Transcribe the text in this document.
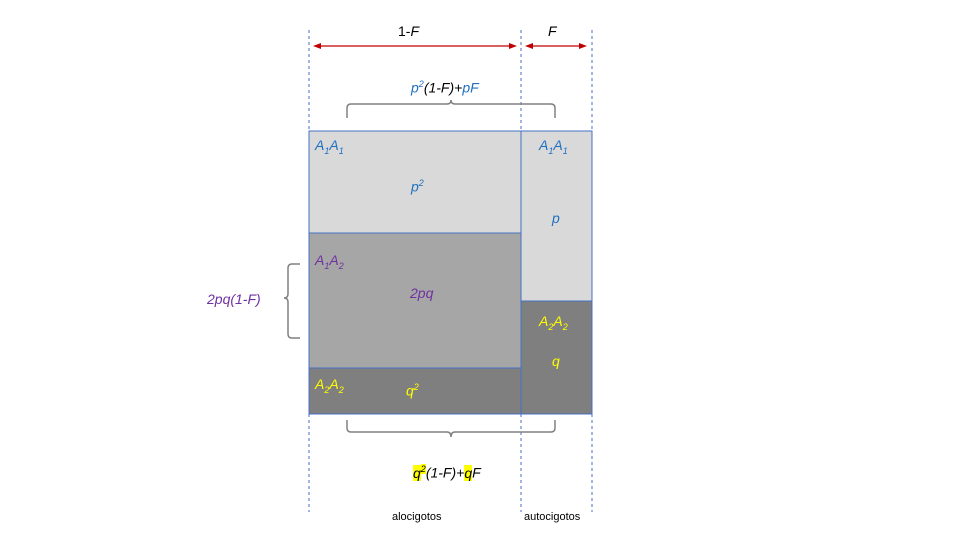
1-F	F
$p^2(1-F)+pF$
2pq(1-F)
$q^2(1-F)+qF$
$A_1A_1$
$p^2$
$A_1A_2$
2pq
$A_2A_2$	$q^2$
$A_1A_1$
p
$A_2A_2$
q
alocigotos	autocigotos
